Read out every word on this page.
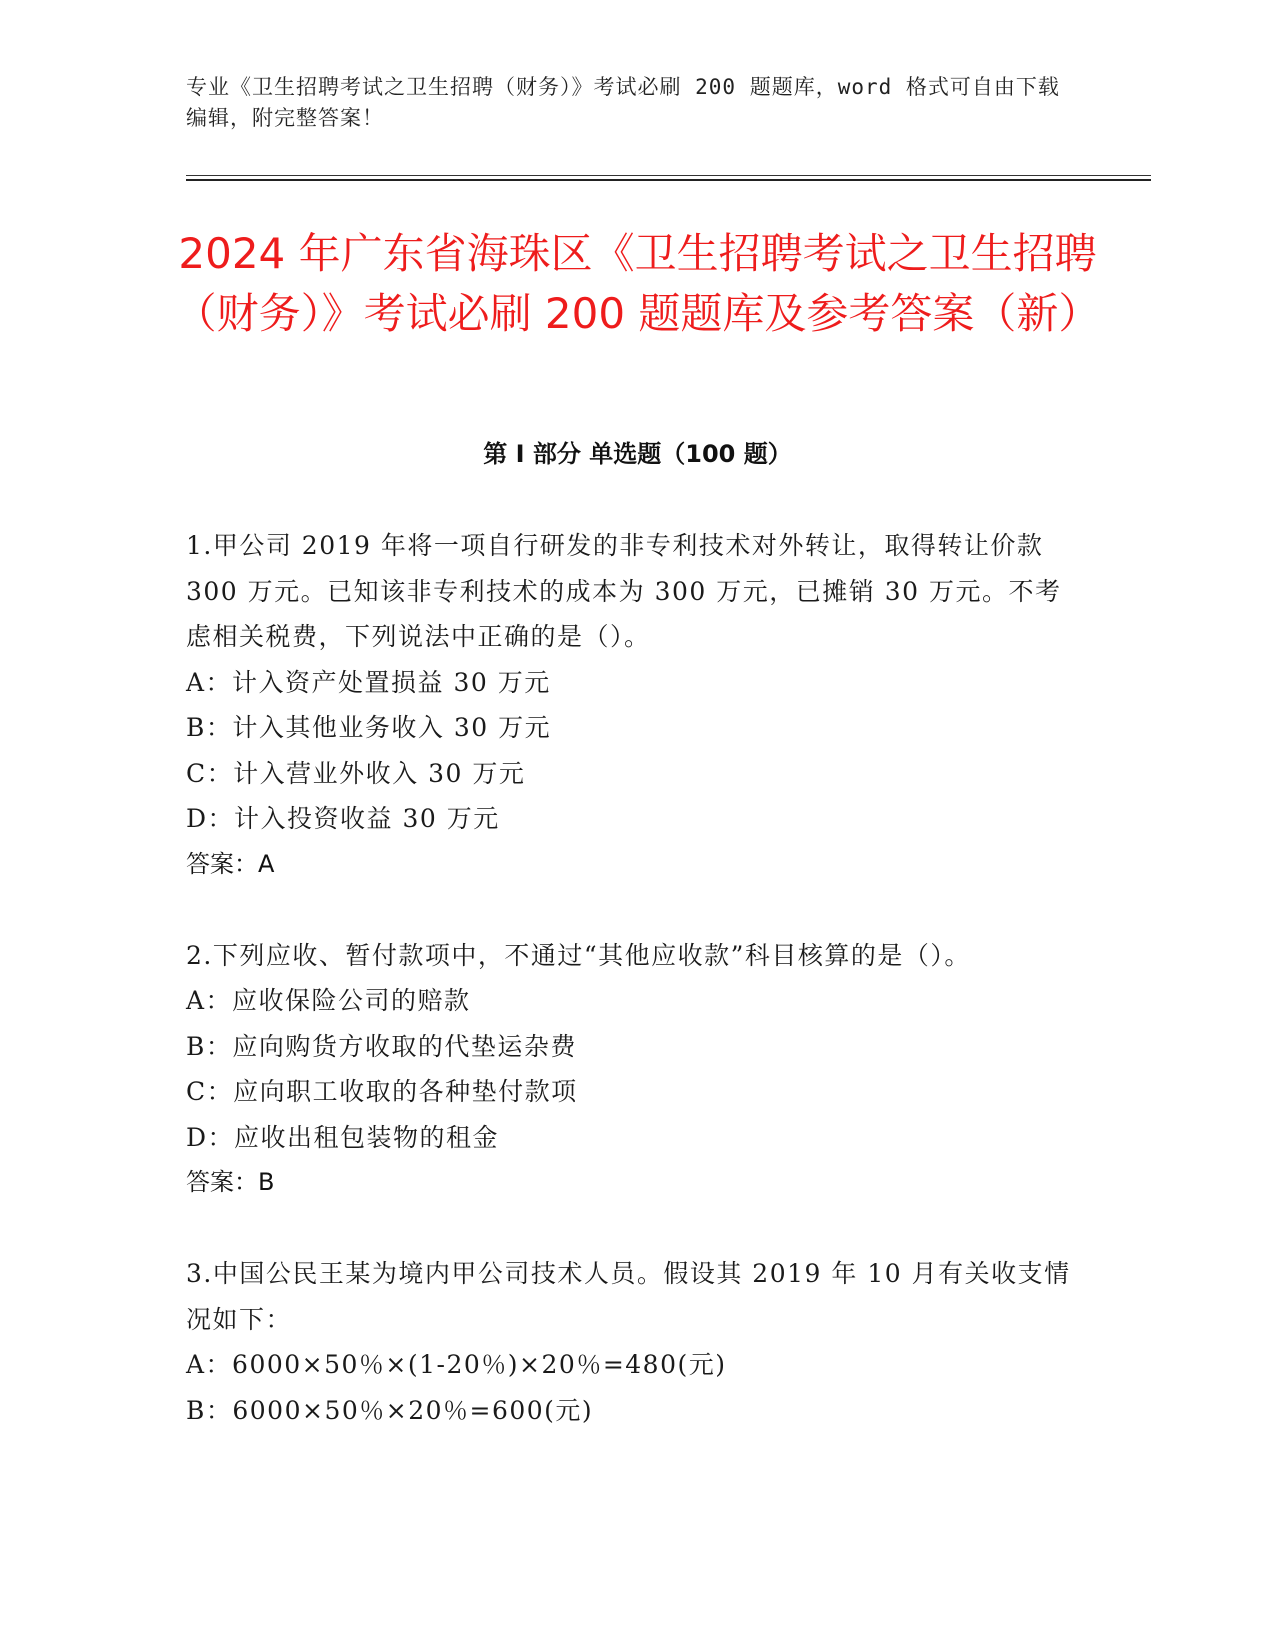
专业《卫生招聘考试之卫生招聘（财务）》考试必刷 200 题题库，word 格式可自由下载编辑，附完整答案！
2024 年广东省海珠区《卫生招聘考试之卫生招聘（财务）》考试必刷 200 题题库及参考答案（新）
第 I 部分 单选题（100 题）

1.甲公司 2019 年将一项自行研发的非专利技术对外转让，取得转让价款 300 万元。已知该非专利技术的成本为 300 万元，已摊销 30 万元。不考虑相关税费，下列说法中正确的是（）。

A：计入资产处置损益 30 万元

B：计入其他业务收入 30 万元

C：计入营业外收入 30 万元

D：计入投资收益 30 万元

答案：A

2.下列应收、暂付款项中，不通过“其他应收款”科目核算的是（）。

A：应收保险公司的赔款

B：应向购货方收取的代垫运杂费

C：应向职工收取的各种垫付款项

D：应收出租包装物的租金

答案：B

3.中国公民王某为境内甲公司技术人员。假设其 2019 年 10 月有关收支情况如下：

A：6000×50％×(1-20％)×20％=480(元)

B：6000×50％×20％=600(元)
